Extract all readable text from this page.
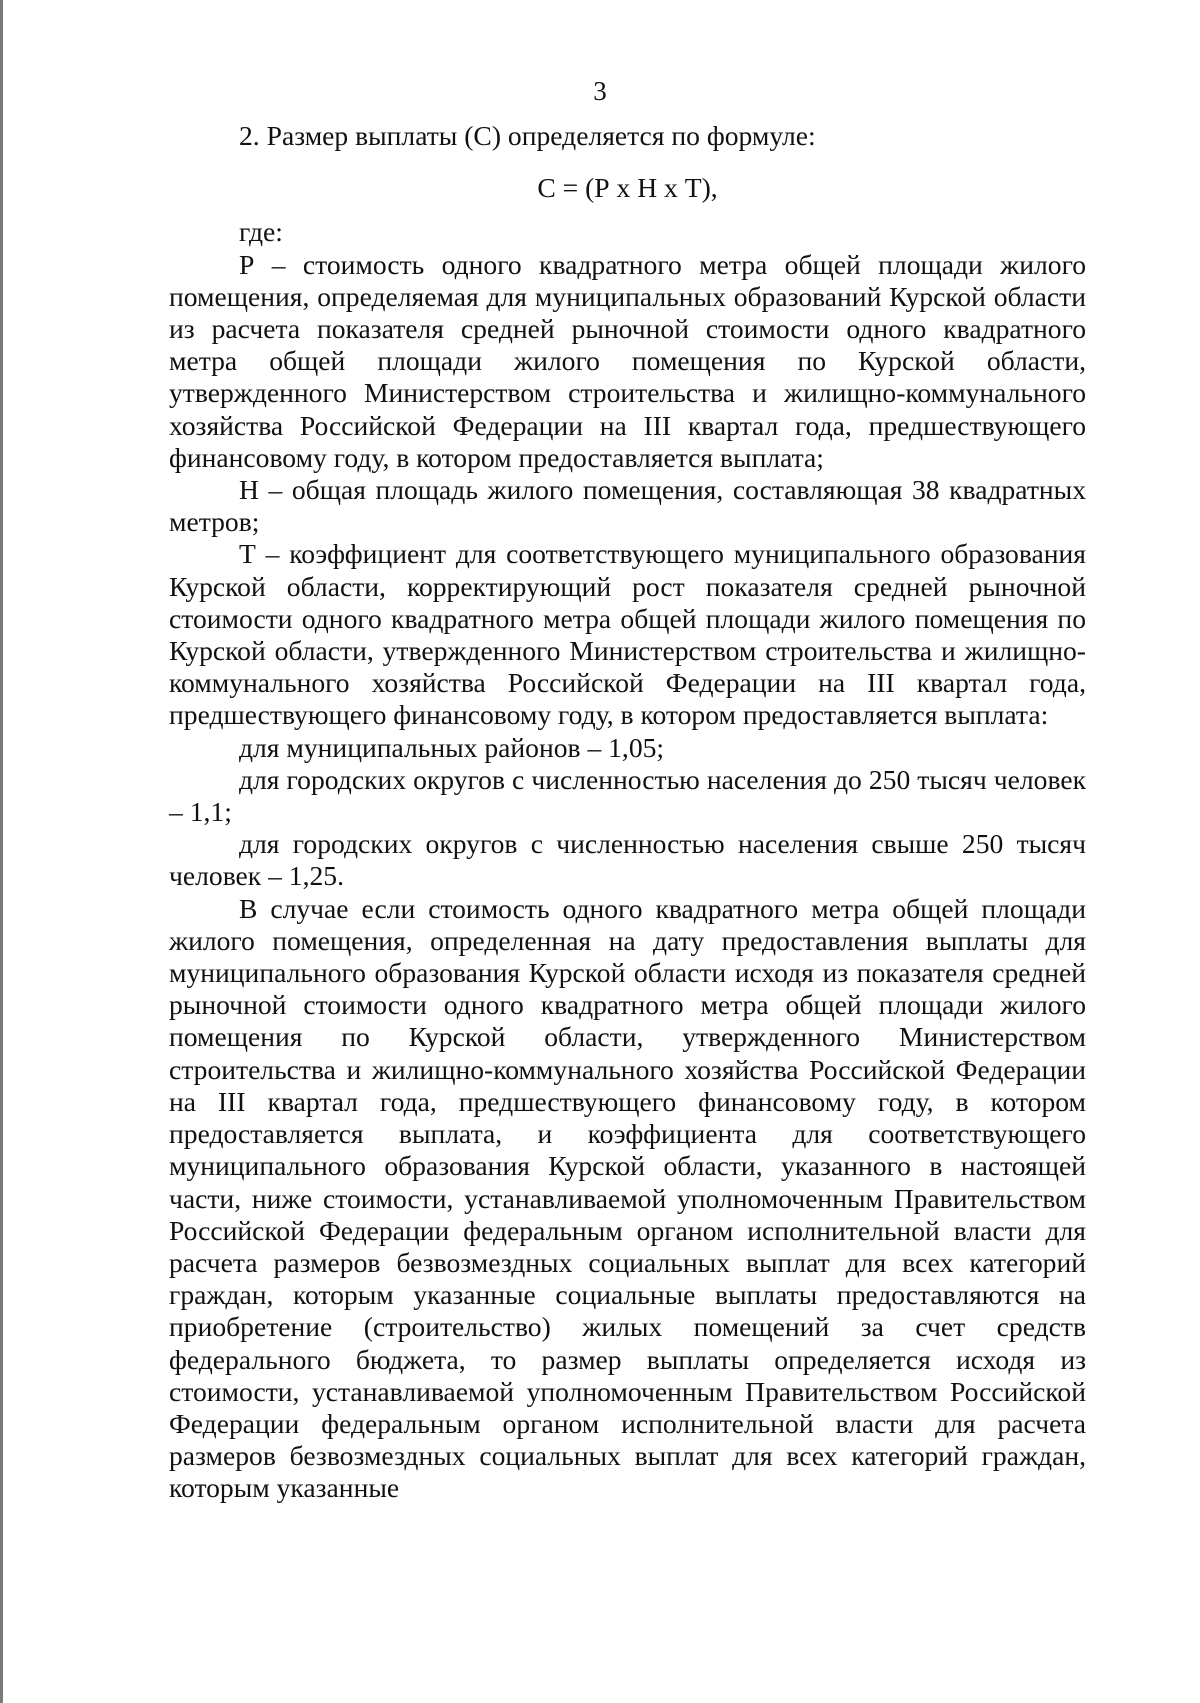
3

2. Размер выплаты (С) определяется по формуле:

С = (Р х Н х Т),

где:

Р – стоимость одного квадратного метра общей площади жилого помещения, определяемая для муниципальных образований Курской области из расчета показателя средней рыночной стоимости одного квадратного метра общей площади жилого помещения по Курской области, утвержденного Министерством строительства и жилищно-коммунального хозяйства Российской Федерации на III квартал года, предшествующего финансовому году, в котором предоставляется выплата;

Н – общая площадь жилого помещения, составляющая 38 квадратных метров;

Т – коэффициент для соответствующего муниципального образования Курской области, корректирующий рост показателя средней рыночной стоимости одного квадратного метра общей площади жилого помещения по Курской области, утвержденного Министерством строительства и жилищно-коммунального хозяйства Российской Федерации на III квартал года, предшествующего финансовому году, в котором предоставляется выплата:

для муниципальных районов – 1,05;

для городских округов с численностью населения до 250 тысяч человек – 1,1;

для городских округов с численностью населения свыше 250 тысяч человек – 1,25.

В случае если стоимость одного квадратного метра общей площади жилого помещения, определенная на дату предоставления выплаты для муниципального образования Курской области исходя из показателя средней рыночной стоимости одного квадратного метра общей площади жилого помещения по Курской области, утвержденного Министерством строительства и жилищно-коммунального хозяйства Российской Федерации на III квартал года, предшествующего финансовому году, в котором предоставляется выплата, и коэффициента для соответствующего муниципального образования Курской области, указанного в настоящей части, ниже стоимости, устанавливаемой уполномоченным Правительством Российской Федерации федеральным органом исполнительной власти для расчета размеров безвозмездных социальных выплат для всех категорий граждан, которым указанные социальные выплаты предоставляются на приобретение (строительство) жилых помещений за счет средств федерального бюджета, то размер выплаты определяется исходя из стоимости, устанавливаемой уполномоченным Правительством Российской Федерации федеральным органом исполнительной власти для расчета размеров безвозмездных социальных выплат для всех категорий граждан, которым указанные
